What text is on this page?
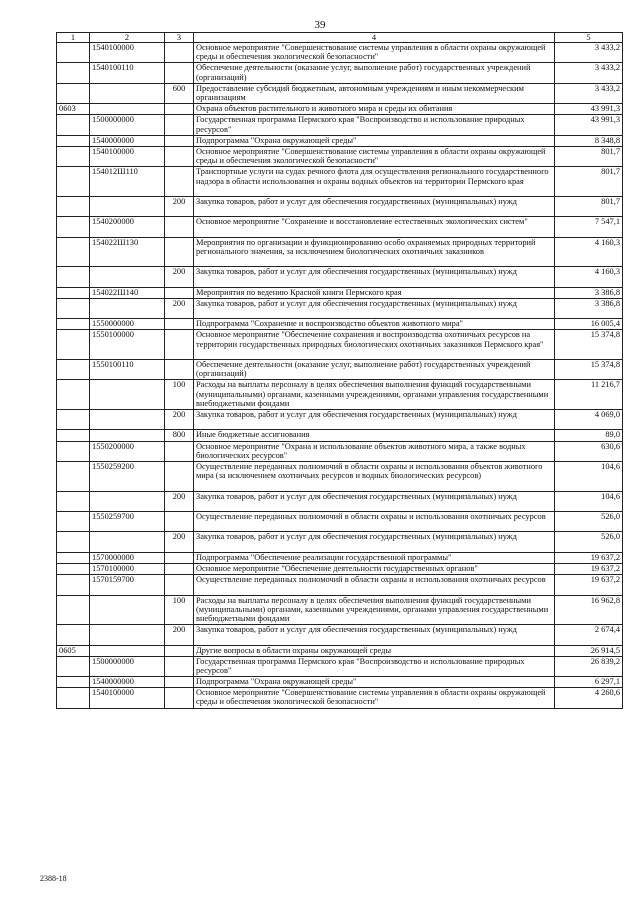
39
1	2	3	4	5
	1540100000		Основное мероприятие "Совершенствование системы управления в области охраны окружающей среды и обеспечения экологической безопасности"	3 433,2
	1540100110		Обеспечение деятельности (оказание услуг, выполнение работ) государственных учреждений (организаций)	3 433,2
		600	Предоставление субсидий бюджетным, автономным учреждениям и иным некоммерческим организациям	3 433,2
0603			Охрана объектов растительного и животного мира и среды их обитания	43 991,3
	1500000000		Государственная программа Пермского края "Воспроизводство и использование природных ресурсов"	43 991,3
	1540000000		Подпрограмма "Охрана окружающей среды"	8 348,8
	1540100000		Основное мероприятие "Совершенствование системы управления в области охраны окружающей среды и обеспечения экологической безопасности"	801,7
	154012Ш110		Транспортные услуги на судах речного флота для осуществления регионального государственного надзора в области использования и охраны водных объектов на территории Пермского края	801,7
		200	Закупка товаров, работ и услуг для обеспечения государственных (муниципальных) нужд	801,7
	1540200000		Основное мероприятие "Сохранение и восстановление естественных экологических систем"	7 547,1
	154022Ш130		Мероприятия по организации и функционированию особо охраняемых природных территорий регионального значения, за исключением биологических охотничьих заказников	4 160,3
		200	Закупка товаров, работ и услуг для обеспечения государственных (муниципальных) нужд	4 160,3
	154022Ш140		Мероприятия по ведению Красной книги Пермского края	3 386,8
		200	Закупка товаров, работ и услуг для обеспечения государственных (муниципальных) нужд	3 386,8
	1550000000		Подпрограмма "Сохранение и воспроизводство объектов животного мира"	16 005,4
	1550100000		Основное мероприятие "Обеспечение сохранения и воспроизводства охотничьих ресурсов на территории государственных природных биологических охотничьих заказников Пермского края"	15 374,8
	1550100110		Обеспечение деятельности (оказание услуг, выполнение работ) государственных учреждений (организаций)	15 374,8
		100	Расходы на выплаты персоналу в целях обеспечения выполнения функций государственными (муниципальными) органами, казенными учреждениями, органами управления государственными внебюджетными фондами	11 216,7
		200	Закупка товаров, работ и услуг для обеспечения государственных (муниципальных) нужд	4 069,0
		800	Иные бюджетные ассигнования	89,0
	1550200000		Основное мероприятие "Охрана и использование объектов животного мира, а также водных биологических ресурсов"	630,6
	1550259200		Осуществление переданных полномочий в области охраны и использования объектов животного мира (за исключением охотничьих ресурсов и водных биологических ресурсов)	104,6
		200	Закупка товаров, работ и услуг для обеспечения государственных (муниципальных) нужд	104,6
	1550259700		Осуществление переданных полномочий в области охраны и использования охотничьих ресурсов	526,0
		200	Закупка товаров, работ и услуг для обеспечения государственных (муниципальных) нужд	526,0
	1570000000		Подпрограмма "Обеспечение реализации государственной программы"	19 637,2
	1570100000		Основное мероприятие "Обеспечение деятельности государственных органов"	19 637,2
	1570159700		Осуществление переданных полномочий в области охраны и использования охотничьих ресурсов	19 637,2
		100	Расходы на выплаты персоналу в целях обеспечения выполнения функций государственными (муниципальными) органами, казенными учреждениями, органами управления государственными внебюджетными фондами	16 962,8
		200	Закупка товаров, работ и услуг для обеспечения государственных (муниципальных) нужд	2 674,4
0605			Другие вопросы в области охраны окружающей среды	26 914,5
	1500000000		Государственная программа Пермского края "Воспроизводство и использование природных ресурсов"	26 839,2
	1540000000		Подпрограмма "Охрана окружающей среды"	6 297,1
	1540100000		Основное мероприятие "Совершенствование системы управления в области охраны окружающей среды и обеспечения экологической безопасности"	4 260,6
2388-18
